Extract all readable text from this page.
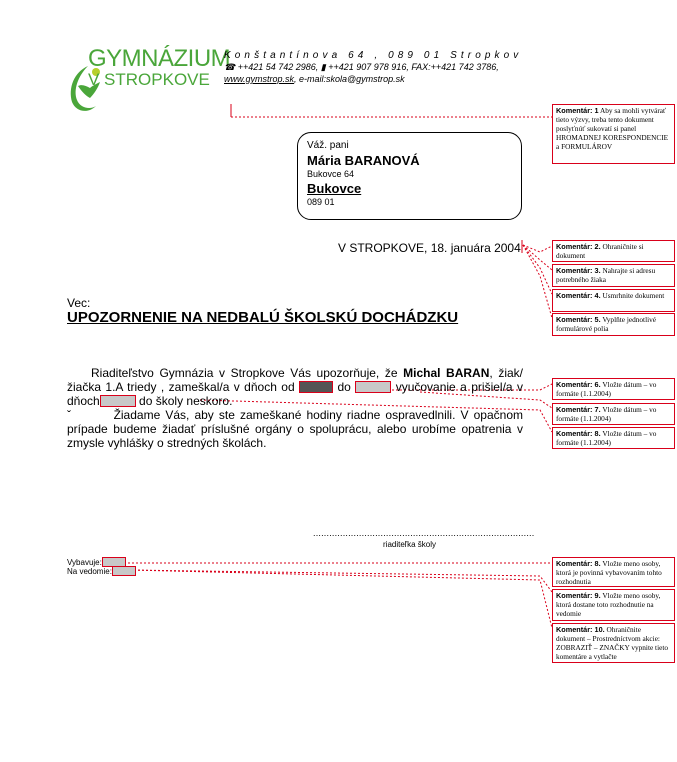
GYMNÁZIUM
V STROPKOVE
Konštantínova 64 , 089 01 Stropkov
☎ ++421 54 742 2986, ▮ ++421 907 978 916, FAX:++421 742 3786,
www.gymstrop.sk, e-mail:skola@gymstrop.sk
Váž. pani
Mária BARANOVÁ
Bukovce 64
Bukovce
089 01
V STROPKOVE, 18. januára 2004
Vec:
UPOZORNENIE NA NEDBALÚ ŠKOLSKÚ DOCHÁDZKU
Riaditeľstvo Gymnázia v Stropkove Vás upozorňuje, že Michal BARAN, žiak/žiačka 1.A triedy , zameškal/a v dňoch od	do	vyučovanie a prišiel/a v dňoch	do školy neskoro.
ˇ	Žiadame Vás, aby ste zameškané hodiny riadne ospravedlnili. V opačnom prípade budeme žiadať príslušné orgány o spoluprácu, alebo urobíme opatrenia v zmysle vyhlášky o stredných školách.
..................................................................................
riaditeľka školy
Vybavuje:
Na vedomie:
Komentár: 1 Aby sa mohli vytvárať tieto výzvy, treba tento dokument poslyťnúť sukovatí si panel HROMADNEJ KORESPONDENCIE a FORMULÁROV
Komentár: 2. Ohraničnite si dokument
Komentár: 3. Nahrajte si adresu potrebného žiaka
Komentár: 4. Usmrhnite dokument
Komentár: 5. Vyplňte jednotlivé formulárové polia
Komentár: 6. Vložte dátum – vo formáte (1.1.2004)
Komentár: 7. Vložte dátum – vo formáte (1.1.2004)
Komentár: 8. Vložte dátum – vo formáte (1.1.2004)
Komentár: 8. Vložte meno osoby, ktorá je povinná vybavovaním tohto rozhodnutia
Komentár: 9. Vložte meno osoby, ktorá dostane toto rozhodnutie na vedomie
Komentár: 10. Ohraničnite dokument – Prostredníctvom akcie: ZOBRAZIŤ – ZNAČKY vypnite tieto komentáre a vytlačte
